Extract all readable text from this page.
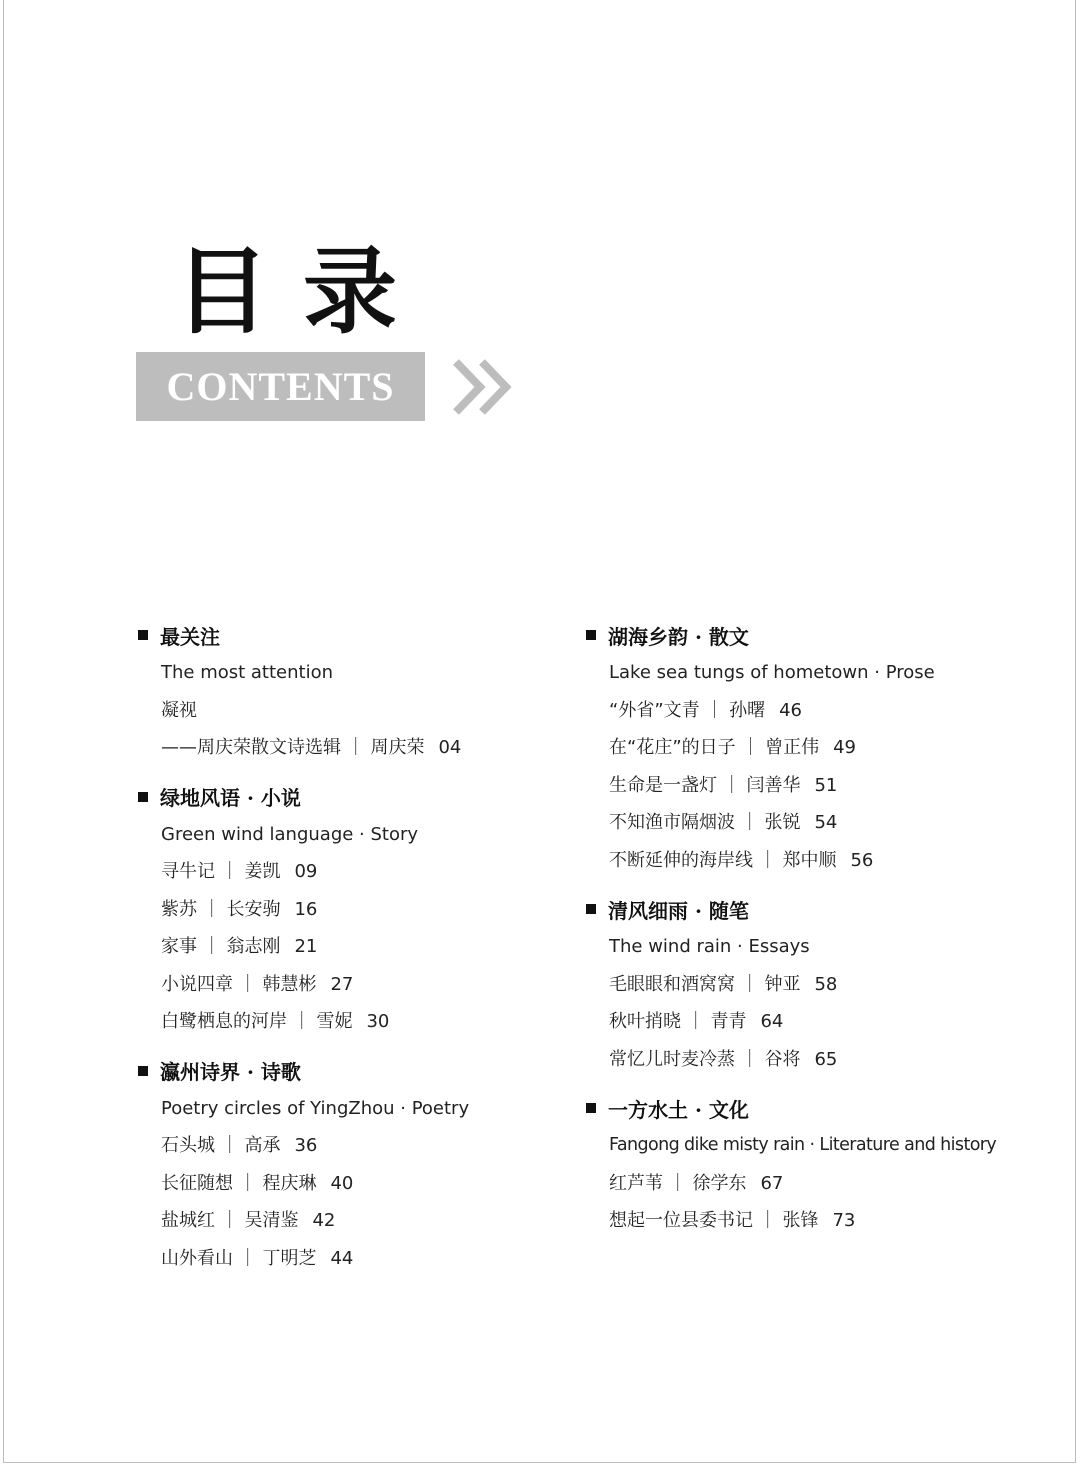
目录
CONTENTS
最关注
The most attention
凝视
——周庆荣散文诗选辑 ｜ 周庆荣 04
绿地风语 · 小说
Green wind language · Story
寻牛记 ｜ 姜凯 09
紫苏 ｜ 长安驹 16
家事 ｜ 翁志刚 21
小说四章 ｜ 韩慧彬 27
白鹭栖息的河岸 ｜ 雪妮 30
瀛州诗界 · 诗歌
Poetry circles of YingZhou · Poetry
石头城 ｜ 高承 36
长征随想 ｜ 程庆琳 40
盐城红 ｜ 吴清鉴 42
山外看山 ｜ 丁明芝 44
湖海乡韵 · 散文
Lake sea tungs of hometown · Prose
“外省”文青 ｜ 孙曙 46
在“花庄”的日子 ｜ 曾正伟 49
生命是一盏灯 ｜ 闫善华 51
不知渔市隔烟波 ｜ 张锐 54
不断延伸的海岸线 ｜ 郑中顺 56
清风细雨 · 随笔
The wind rain · Essays
毛眼眼和酒窝窝 ｜ 钟亚 58
秋叶捎晓 ｜ 青青 64
常忆儿时麦冷蒸 ｜ 谷将 65
一方水土 · 文化
Fangong dike misty rain · Literature and history
红芦苇 ｜ 徐学东 67
想起一位县委书记 ｜ 张锋 73
